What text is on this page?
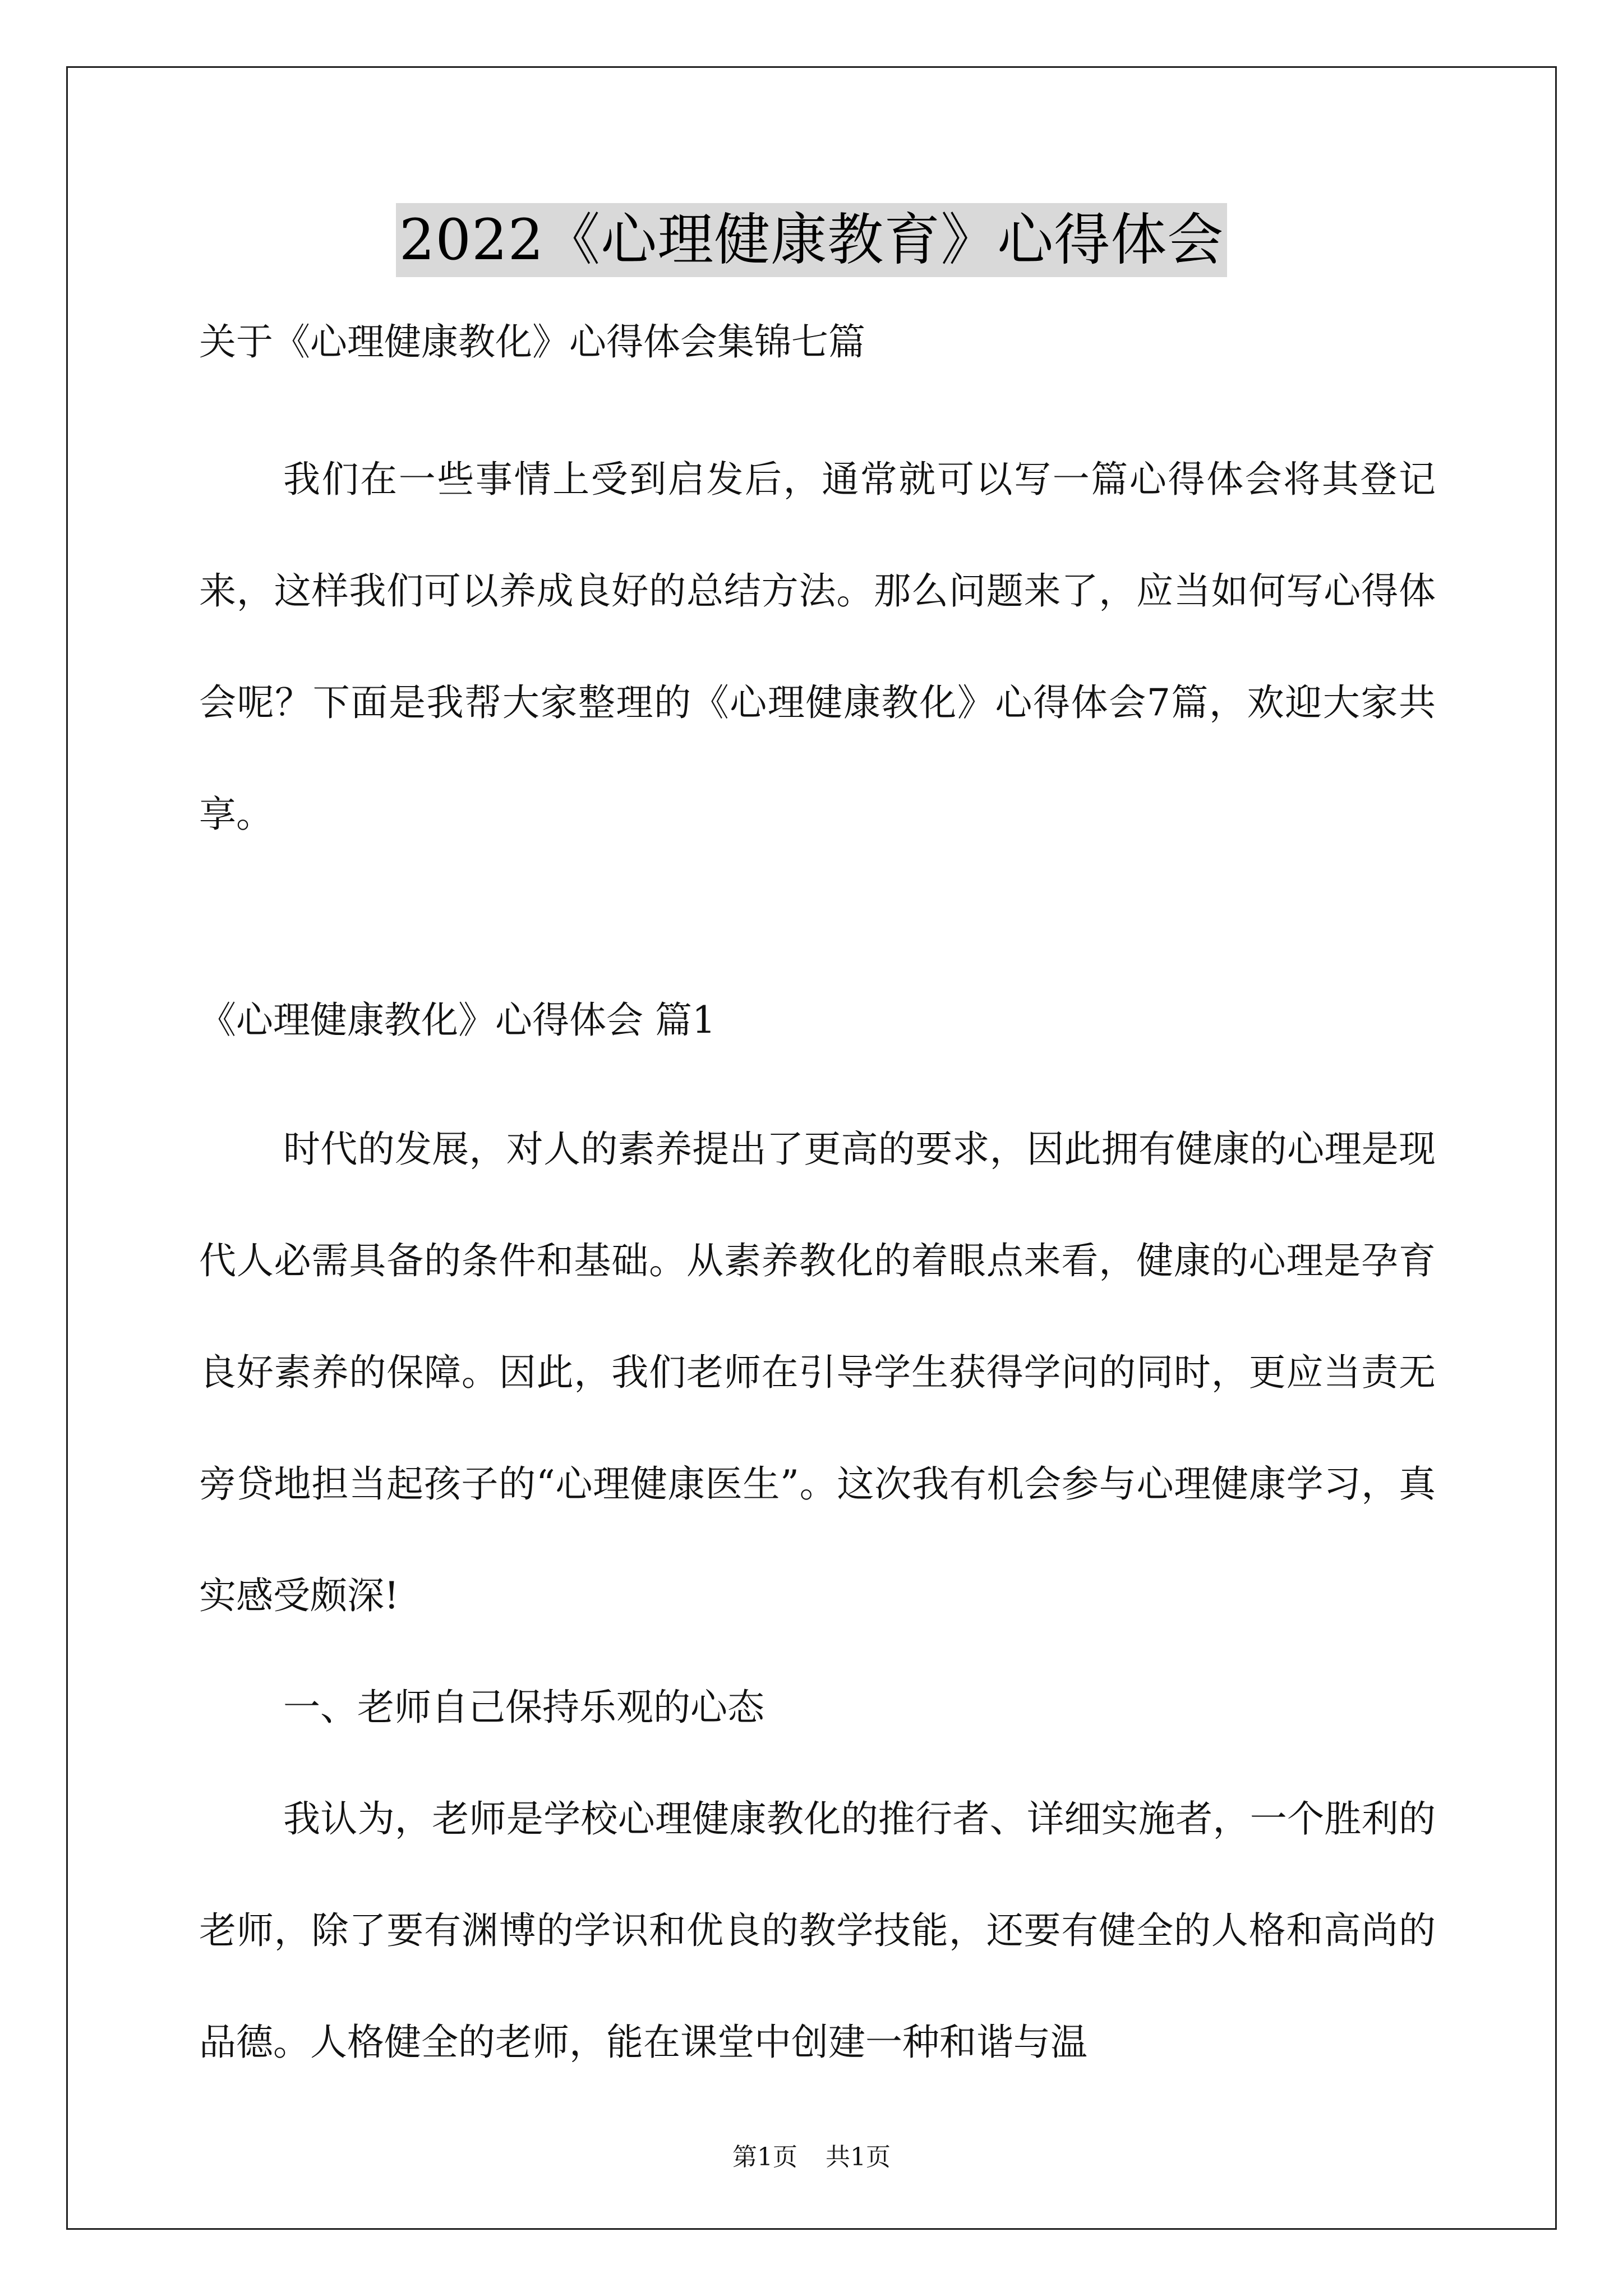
2022《心理健康教育》心得体会
关于《心理健康教化》心得体会集锦七篇

我们在一些事情上受到启发后，通常就可以写一篇心得体会将其登记来，这样我们可以养成良好的总结方法。那么问题来了，应当如何写心得体会呢？下面是我帮大家整理的《心理健康教化》心得体会7篇，欢迎大家共享。

《心理健康教化》心得体会 篇1

时代的发展，对人的素养提出了更高的要求，因此拥有健康的心理是现代人必需具备的条件和基础。从素养教化的着眼点来看，健康的心理是孕育良好素养的保障。因此，我们老师在引导学生获得学问的同时，更应当责无旁贷地担当起孩子的“心理健康医生”。这次我有机会参与心理健康学习，真实感受颇深!

一、老师自己保持乐观的心态

我认为，老师是学校心理健康教化的推行者、详细实施者，一个胜利的老师，除了要有渊博的学识和优良的教学技能，还要有健全的人格和高尚的品德。人格健全的老师，能在课堂中创建一种和谐与温

第1页 共1页
